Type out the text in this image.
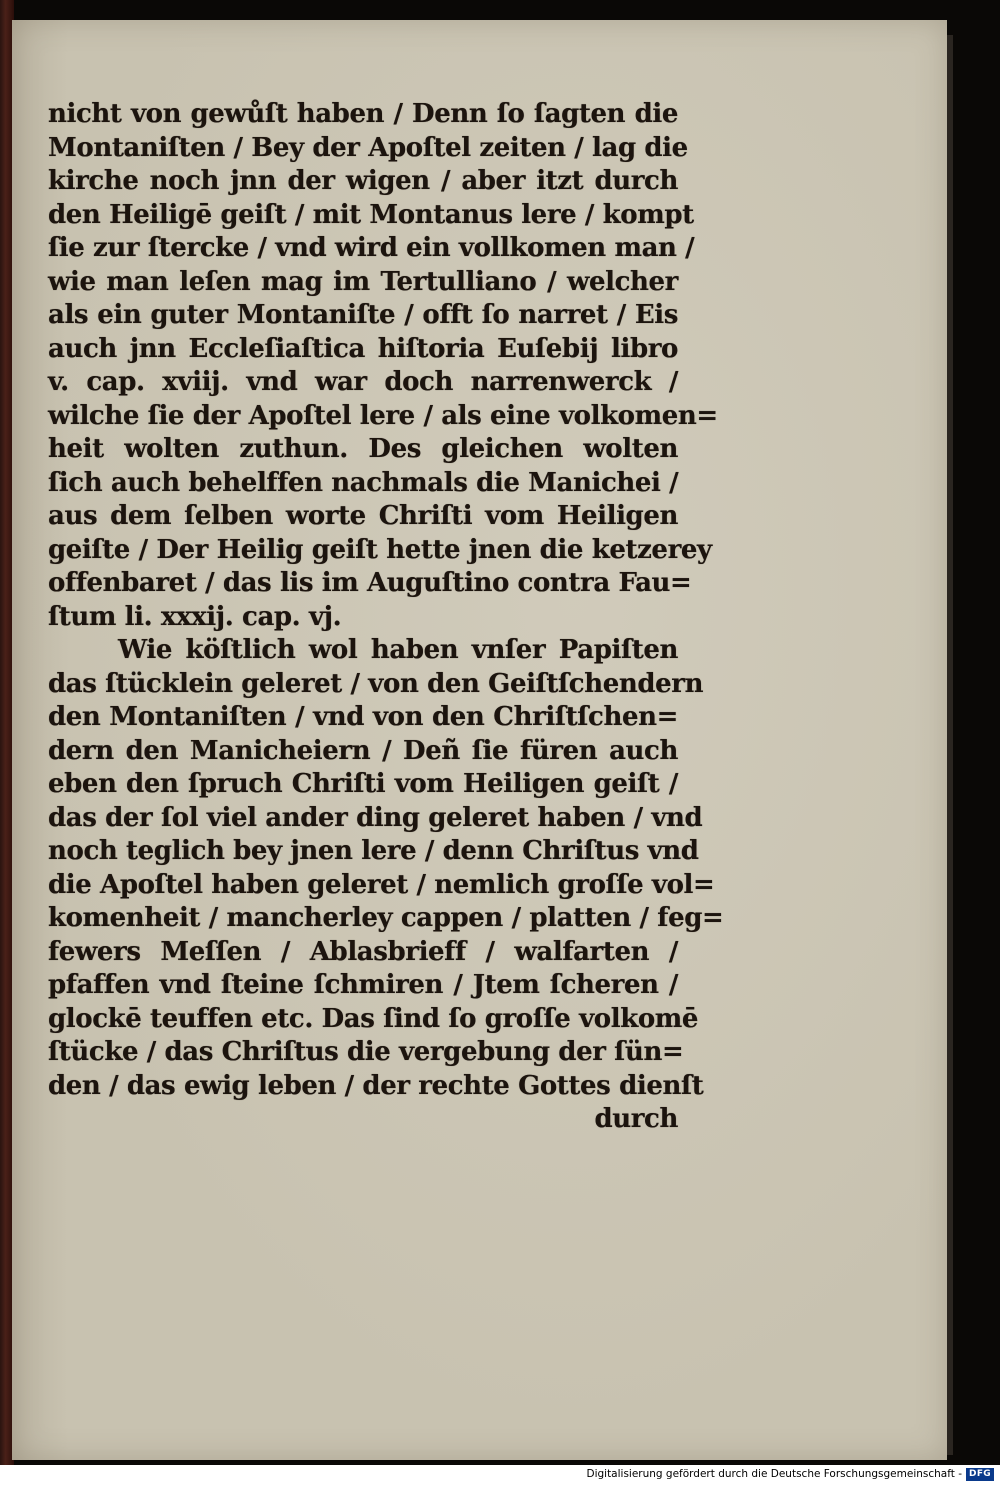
nicht von gewůſt haben / Denn ſo ſagten die
Montaniſten / Bey der Apoſtel zeiten / lag die
kirche noch jnn der wigen / aber itzt durch
den Heiligē geiſt / mit Montanus lere / kompt
ſie zur ſtercke / vnd wird ein vollkomen man /
wie man leſen mag im Tertulliano / welcher
als ein guter Montaniſte / offt ſo narret / Eis
auch jnn Eccleſiaſtica hiſtoria Euſebij libro
v. cap. xviij. vnd war doch narrenwerck /
wilche ſie der Apoſtel lere / als eine volkomen=
heit wolten zuthun. Des gleichen wolten
ſich auch behelffen nachmals die Manichei /
aus dem ſelben worte Chriſti vom Heiligen
geiſte / Der Heilig geiſt hette jnen die ketzerey
offenbaret / das lis im Auguſtino contra Fau=
ſtum li. xxxij. cap. vj.
Wie köſtlich wol haben vnſer Papiſten
das ſtücklein geleret / von den Geiſtſchendern
den Montaniſten / vnd von den Chriſtſchen=
dern den Manicheiern / Deñ ſie füren auch
eben den ſpruch Chriſti vom Heiligen geiſt /
das der ſol viel ander ding geleret haben / vnd
noch teglich bey jnen lere / denn Chriſtus vnd
die Apoſtel haben geleret / nemlich groſſe vol=
komenheit / mancherley cappen / platten / feg=
fewers Meſſen / Ablasbrieff / walfarten /
pfaffen vnd ſteine ſchmiren / Jtem ſcheren /
glockē teuffen etc. Das ſind ſo groſſe volkomē
ſtücke / das Chriſtus die vergebung der ſün=
den / das ewig leben / der rechte Gottes dienſt
durch
Digitalisierung gefördert durch die Deutsche Forschungsgemeinschaft - DFG
